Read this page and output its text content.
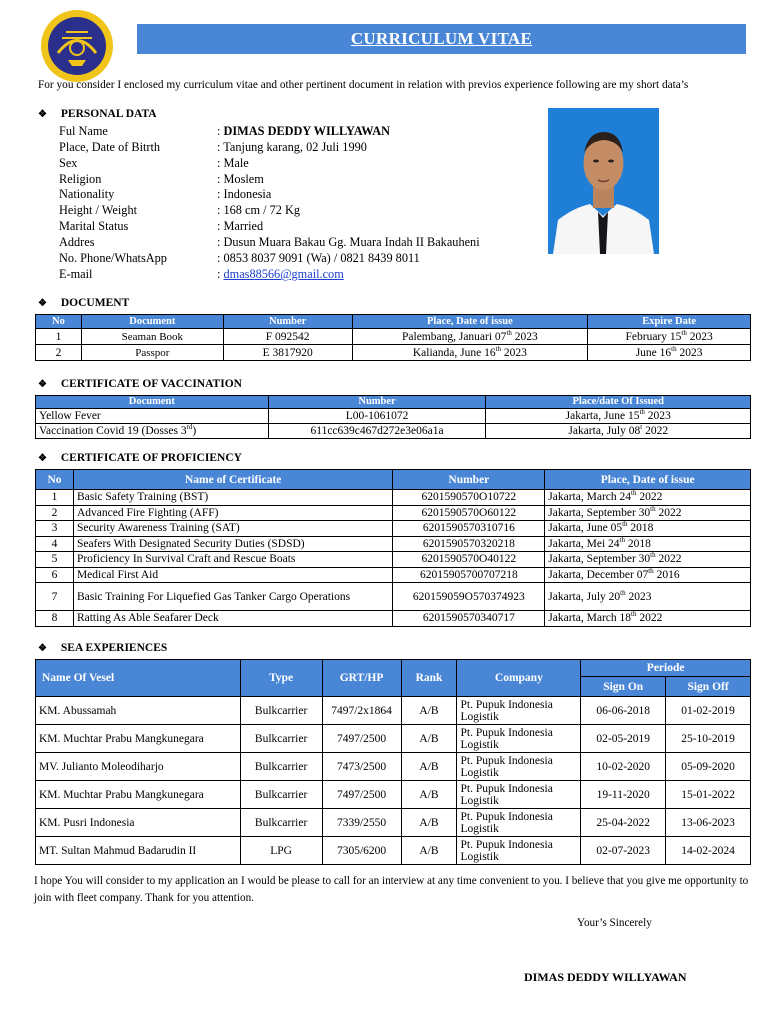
CURRICULUM VITAE
For you consider I enclosed my curriculum vitae and other pertinent document in relation with previos experience following are my short data’s
❖ PERSONAL DATA
Ful Name	: DIMAS DEDDY WILLYAWAN
Place, Date of Bitrth	: Tanjung karang, 02 Juli 1990
Sex	: Male
Religion	: Moslem
Nationality	: Indonesia
Height / Weight	: 168 cm / 72 Kg
Marital Status	: Married
Addres	: Dusun Muara Bakau Gg. Muara Indah II Bakauheni
No. Phone/WhatsApp	: 0853 8037 9091 (Wa) / 0821 8439 8011
E-mail	: dmas88566@gmail.com
❖ DOCUMENT
No	Document	Number	Place, Date of issue	Expire Date
1	Seaman Book	F 092542	Palembang, Januari 07th 2023	February 15th 2023
2	Passpor	E 3817920	Kalianda, June 16th 2023	June 16th 2023
❖ CERTIFICATE OF VACCINATION
Document	Number	Place/date Of Issued
Yellow Fever	L00-1061072	Jakarta, June 15th 2023
Vaccination Covid 19 (Dosses 3rd)	611cc639c467d272e3e06a1a	Jakarta, July 08$^t$ 2022
❖ CERTIFICATE OF PROFICIENCY
No	Name of Certificate	Number	Place, Date of issue
1	Basic Safety Training (BST)	6201590570O10722	Jakarta, March 24th 2022
2	Advanced Fire Fighting (AFF)	6201590570O60122	Jakarta, September 30th 2022
3	Security Awareness Training (SAT)	6201590570310716	Jakarta, June 05th 2018
4	Seafers With Designated Security Duties (SDSD)	6201590570320218	Jakarta, Mei 24th 2018
5	Proficiency In Survival Craft and Rescue Boats	6201590570O40122	Jakarta, September 30th 2022
6	Medical First Aid	62015905700707218	Jakarta, December 07th 2016
7	Basic Training For Liquefied Gas Tanker Cargo Operations	620159059O570374923	Jakarta, July 20th 2023
8	Ratting As Able Seafarer Deck	6201590570340717	Jakarta, March 18th 2022
❖ SEA EXPERIENCES
Name Of Vesel	Type	GRT/HP	Rank	Company	Periode	
					Sign On	Sign Off
KM. Abussamah	Bulkcarrier	7497/2x1864	A/B	Pt. Pupuk Indonesia Logistik	06-06-2018	01-02-2019
KM. Muchtar Prabu Mangkunegara	Bulkcarrier	7497/2500	A/B	Pt. Pupuk Indonesia Logistik	02-05-2019	25-10-2019
MV. Julianto Moleodiharjo	Bulkcarrier	7473/2500	A/B	Pt. Pupuk Indonesia Logistik	10-02-2020	05-09-2020
KM. Muchtar Prabu Mangkunegara	Bulkcarrier	7497/2500	A/B	Pt. Pupuk Indonesia Logistik	19-11-2020	15-01-2022
KM. Pusri Indonesia	Bulkcarrier	7339/2550	A/B	Pt. Pupuk Indonesia Logistik	25-04-2022	13-06-2023
MT. Sultan Mahmud Badarudin II	LPG	7305/6200	A/B	Pt. Pupuk Indonesia Logistik	02-07-2023	14-02-2024
I hope You will consider to my application an I would be please to call for an interview at any time convenient to you. I believe that you give me opportunity to join with fleet company. Thank for you attention.
Your’s Sincerely
DIMAS DEDDY WILLYAWAN
